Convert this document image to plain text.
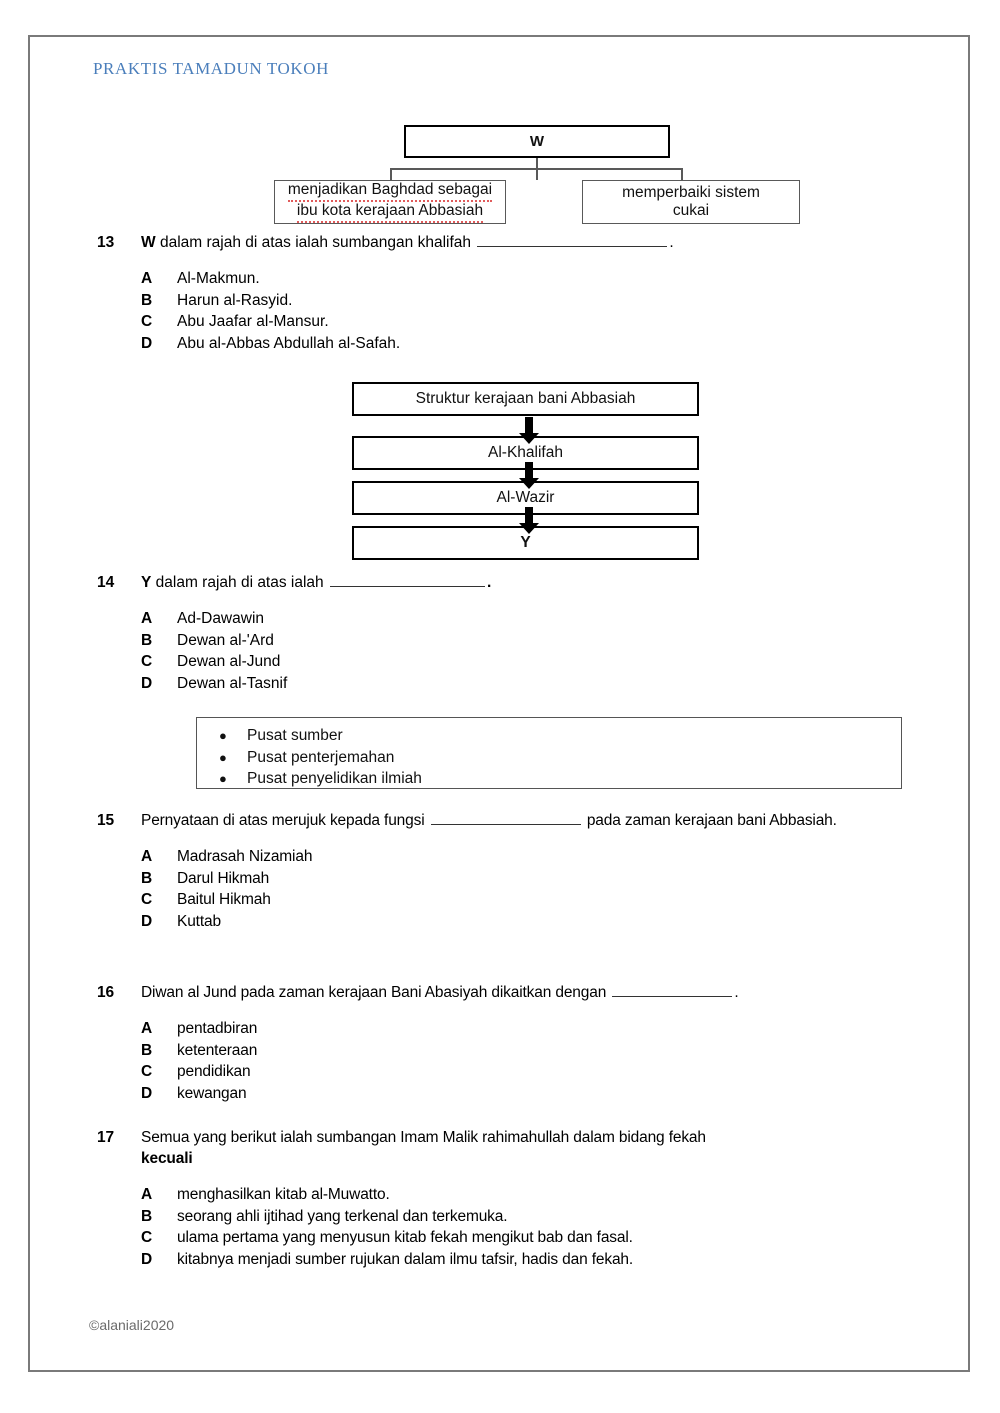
PRAKTIS TAMADUN TOKOH
W
menjadikan Baghdad sebagai
ibu kota kerajaan Abbasiah
memperbaiki sistem
cukai
13	W dalam rajah di atas ialah sumbangan khalifah	.
A	Al-Makmun.
B	Harun al-Rasyid.
C	Abu Jaafar al-Mansur.
D	Abu al-Abbas Abdullah al-Safah.
Struktur kerajaan bani Abbasiah
Al-Khalifah
Al-Wazir
Y
14	Y dalam rajah di atas ialah	.
A	Ad-Dawawin
B	Dewan al-'Ard
C	Dewan al-Jund
D	Dewan al-Tasnif
●	Pusat sumber
●	Pusat penterjemahan
●	Pusat penyelidikan ilmiah
15	Pernyataan di atas merujuk kepada fungsi	pada zaman kerajaan bani Abbasiah.
A	Madrasah Nizamiah
B	Darul Hikmah
C	Baitul Hikmah
D	Kuttab
16	Diwan al Jund pada zaman kerajaan Bani Abasiyah dikaitkan dengan	.
A	pentadbiran
B	ketenteraan
C	pendidikan
D	kewangan
17	Semua yang berikut ialah sumbangan Imam Malik rahimahullah dalam bidang fekah
kecuali
A	menghasilkan kitab al-Muwatto.
B	seorang ahli ijtihad yang terkenal dan terkemuka.
C	ulama pertama yang menyusun kitab fekah mengikut bab dan fasal.
D	kitabnya menjadi sumber rujukan dalam ilmu tafsir, hadis dan fekah.
©alaniali2020
